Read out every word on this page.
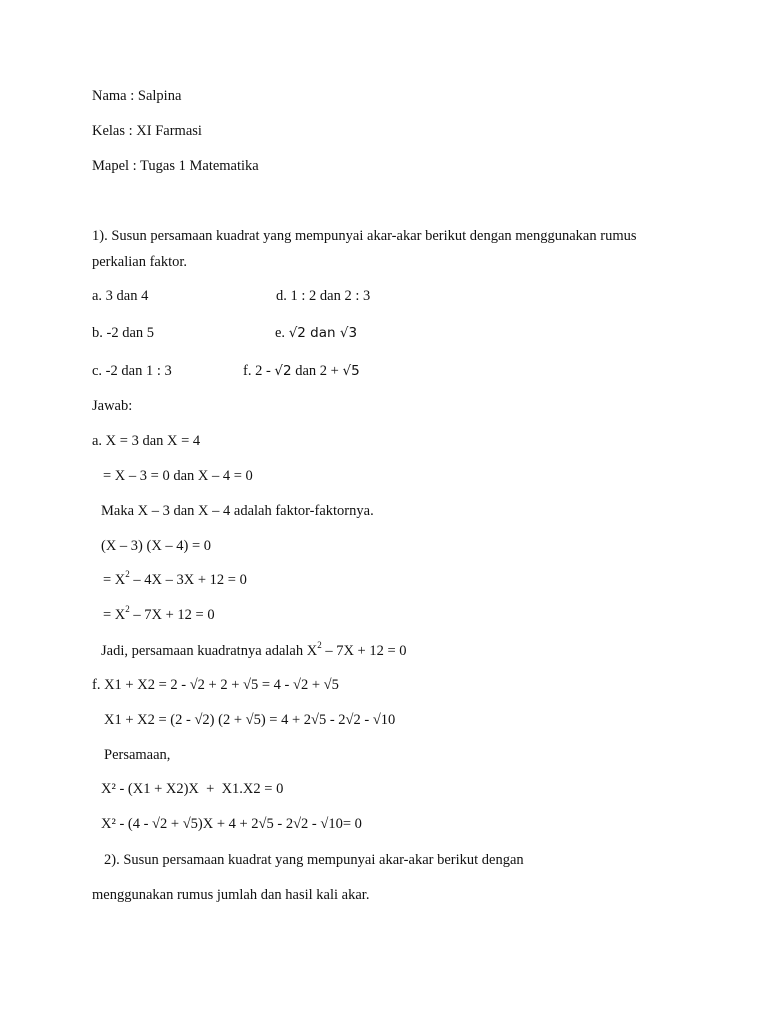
Nama : Salpina
Kelas : XI Farmasi
Mapel : Tugas 1 Matematika
1). Susun persamaan kuadrat yang mempunyai akar-akar berikut dengan menggunakan rumus
perkalian faktor.
a. 3 dan 4	d. 1 : 2 dan 2 : 3
b. -2 dan 5	e. √2 dan √3
c. -2 dan 1 : 3	f. 2 - √2 dan 2 + √5
Jawab:
a. X = 3 dan X = 4
= X – 3 = 0 dan X – 4 = 0
Maka X – 3 dan X – 4 adalah faktor-faktornya.
(X – 3) (X – 4) = 0
= $X^2 - 4X - 3X + 12 = 0$
= $X^2 - 7X + 12 = 0$
Jadi, persamaan kuadratnya adalah $X^2 - 7X + 12 = 0$
f. X1 + X2 = 2 - √2 + 2 + √5 = 4 - √2 + √5
X1 + X2 = (2 - √2) (2 + √5) = 4 + 2√5 - 2√2 - √10
Persamaan,
X² - (X1 + X2)X  +  X1.X2 = 0
X² - (4 - √2 + √5)X + 4 + 2√5 - 2√2 - √10= 0
2). Susun persamaan kuadrat yang mempunyai akar-akar berikut dengan
menggunakan rumus jumlah dan hasil kali akar.
